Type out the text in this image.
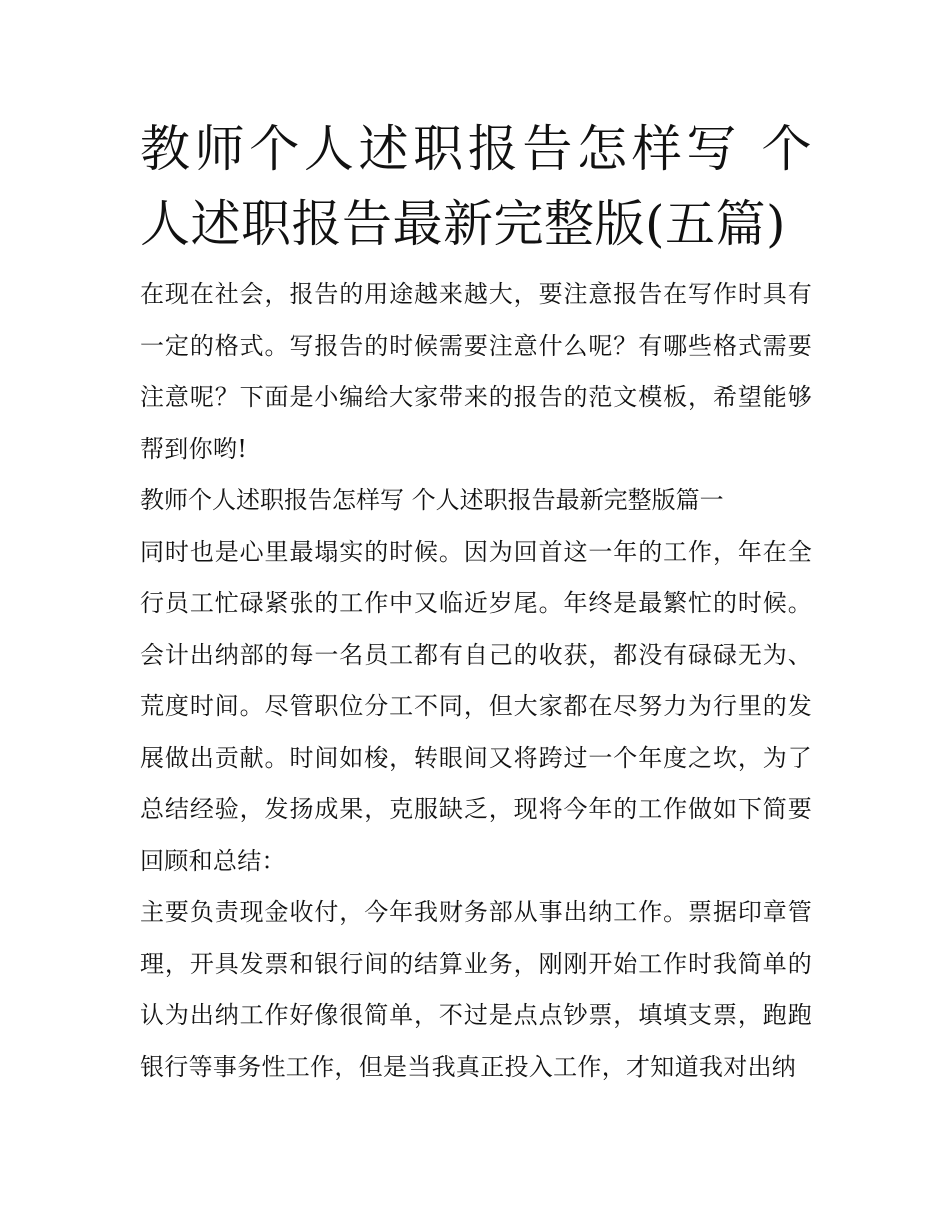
教师个人述职报告怎样写 个人述职报告最新完整版(五篇)

在现在社会，报告的用途越来越大，要注意报告在写作时具有一定的格式。写报告的时候需要注意什么呢？有哪些格式需要注意呢？下面是小编给大家带来的报告的范文模板，希望能够帮到你哟!

教师个人述职报告怎样写 个人述职报告最新完整版篇一

同时也是心里最塌实的时候。因为回首这一年的工作，年在全行员工忙碌紧张的工作中又临近岁尾。年终是最繁忙的时候。会计出纳部的每一名员工都有自己的收获，都没有碌碌无为、荒度时间。尽管职位分工不同，但大家都在尽努力为行里的发展做出贡献。时间如梭，转眼间又将跨过一个年度之坎，为了总结经验，发扬成果，克服缺乏，现将今年的工作做如下简要回顾和总结：

主要负责现金收付，今年我财务部从事出纳工作。票据印章管理，开具发票和银行间的结算业务，刚刚开始工作时我简单的认为出纳工作好像很简单，不过是点点钞票，填填支票，跑跑银行等事务性工作，但是当我真正投入工作，才知道我对出纳
